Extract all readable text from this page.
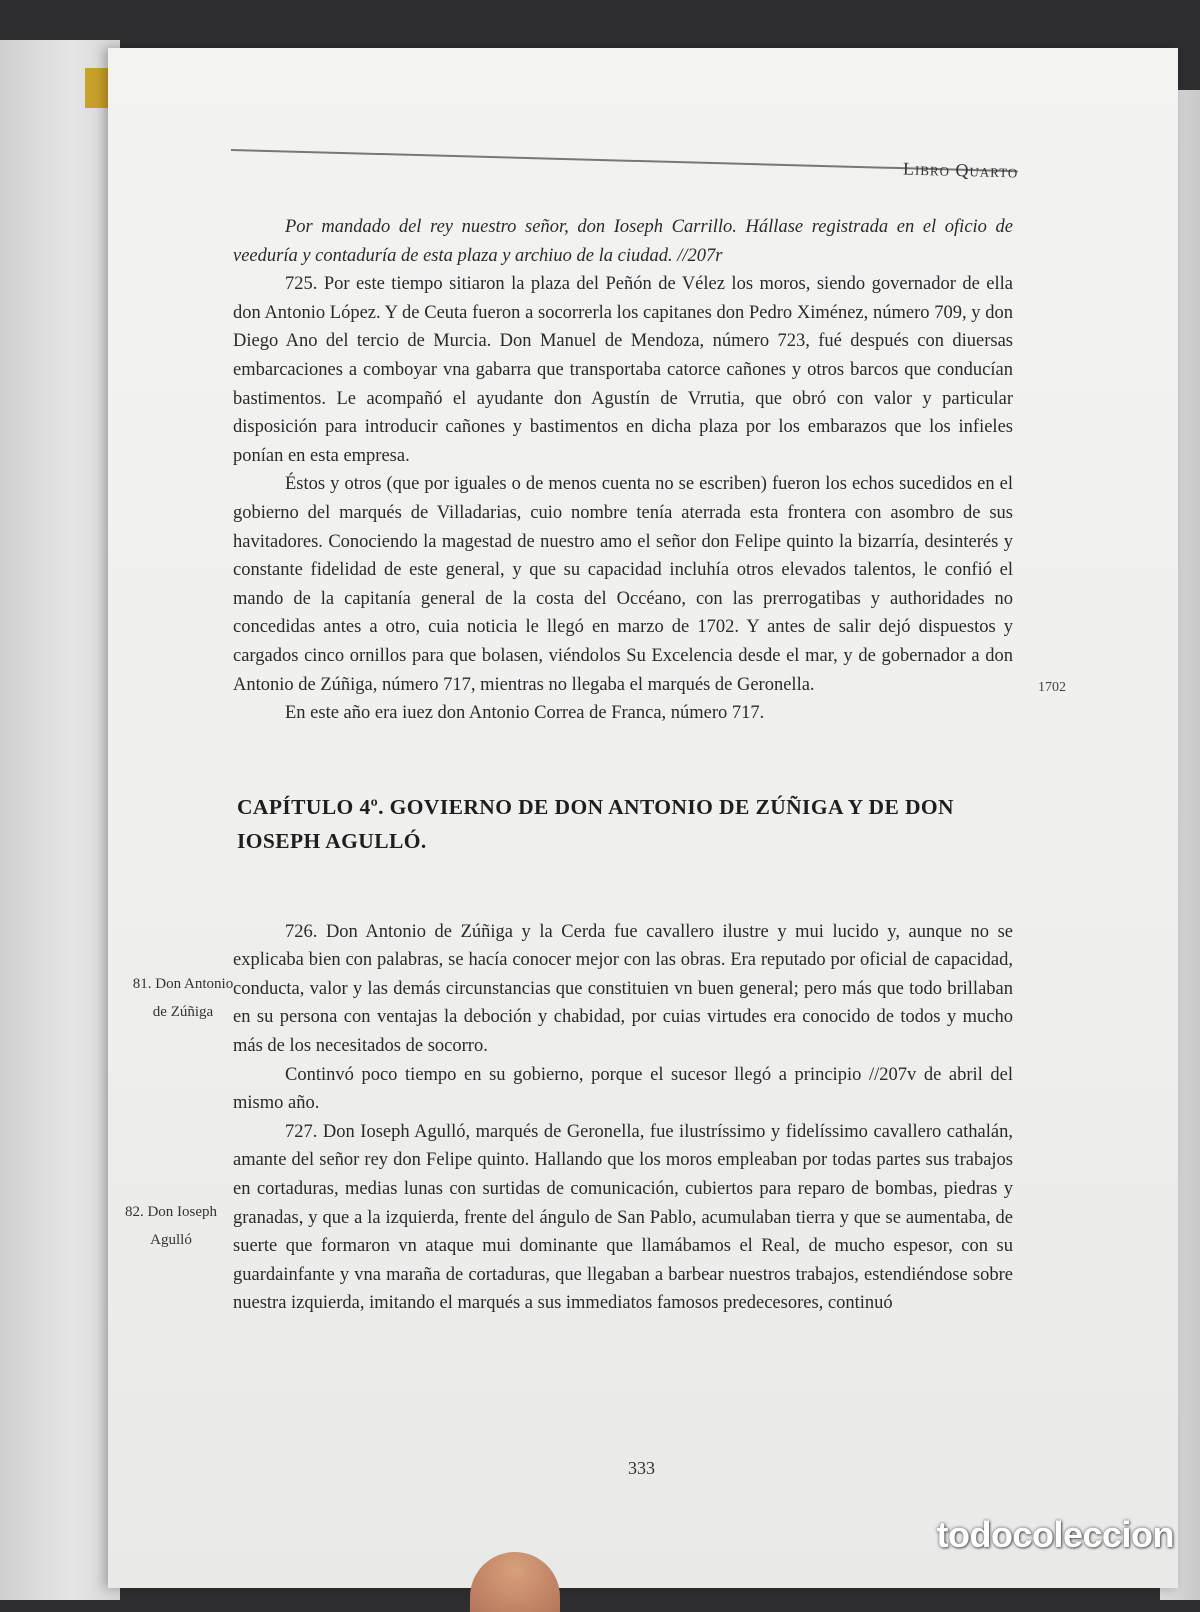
Libro Quarto

Por mandado del rey nuestro señor, don Ioseph Carrillo. Hállase registrada en el oficio de veeduría y contaduría de esta plaza y archiuo de la ciudad. //207r

725. Por este tiempo sitiaron la plaza del Peñón de Vélez los moros, siendo governador de ella don Antonio López. Y de Ceuta fueron a socorrerla los capitanes don Pedro Ximénez, número 709, y don Diego Ano del tercio de Murcia. Don Manuel de Mendoza, número 723, fué después con diuersas embarcaciones a comboyar vna gabarra que transportaba catorce cañones y otros barcos que conducían bastimentos. Le acompañó el ayudante don Agustín de Vrrutia, que obró con valor y particular disposición para introducir cañones y bastimentos en dicha plaza por los embarazos que los infieles ponían en esta empresa.

Éstos y otros (que por iguales o de menos cuenta no se escriben) fueron los echos sucedidos en el gobierno del marqués de Villadarias, cuio nombre tenía aterrada esta frontera con asombro de sus havitadores. Conociendo la magestad de nuestro amo el señor don Felipe quinto la bizarría, desinterés y constante fidelidad de este general, y que su capacidad incluhía otros elevados talentos, le confió el mando de la capitanía general de la costa del Occéano, con las prerrogatibas y authoridades no concedidas antes a otro, cuia noticia le llegó en marzo de 1702. Y antes de salir dejó dispuestos y cargados cinco ornillos para que bolasen, viéndolos Su Excelencia desde el mar, y de gobernador a don Antonio de Zúñiga, número 717, mientras no llegaba el marqués de Geronella.

En este año era iuez don Antonio Correa de Franca, número 717.

CAPÍTULO 4º. GOVIERNO DE DON ANTONIO DE ZÚÑIGA Y DE DON IOSEPH AGULLÓ.

726. Don Antonio de Zúñiga y la Cerda fue cavallero ilustre y mui lucido y, aunque no se explicaba bien con palabras, se hacía conocer mejor con las obras. Era reputado por oficial de capacidad, conducta, valor y las demás circunstancias que constituien vn buen general; pero más que todo brillaban en su persona con ventajas la deboción y chabidad, por cuias virtudes era conocido de todos y mucho más de los necesitados de socorro.

Continvó poco tiempo en su gobierno, porque el sucesor llegó a principio //207v de abril del mismo año.

727. Don Ioseph Agulló, marqués de Geronella, fue ilustríssimo y fidelíssimo cavallero cathalán, amante del señor rey don Felipe quinto. Hallando que los moros empleaban por todas partes sus trabajos en cortaduras, medias lunas con surtidas de comunicación, cubiertos para reparo de bombas, piedras y granadas, y que a la izquierda, frente del ángulo de San Pablo, acumulaban tierra y que se aumentaba, de suerte que formaron vn ataque mui dominante que llamábamos el Real, de mucho espesor, con su guardainfante y vna maraña de cortaduras, que llegaban a barbear nuestros trabajos, estendiéndose sobre nuestra izquierda, imitando el marqués a sus immediatos famosos predecesores, continuó

1702
81. Don Antonio de Zúñiga
82. Don Ioseph Agulló
333
todocoleccion
